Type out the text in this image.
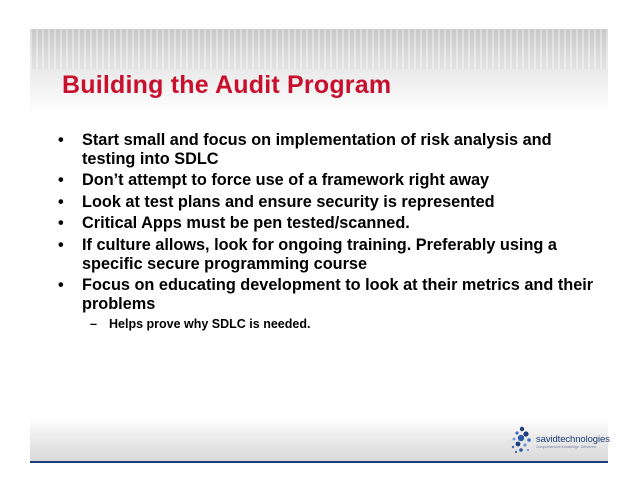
Building the Audit Program
•	Start small and focus on implementation of risk analysis and testing into SDLC
•	Don’t attempt to force use of a framework right away
•	Look at test plans and ensure security is represented
•	Critical Apps must be pen tested/scanned.
•	If culture allows, look for ongoing training. Preferably using a specific secure programming course
•	Focus on educating development to look at their metrics and their problems
– Helps prove why SDLC is needed.
savidtechnologies
Comprehensive Knowledge. Delivered.
